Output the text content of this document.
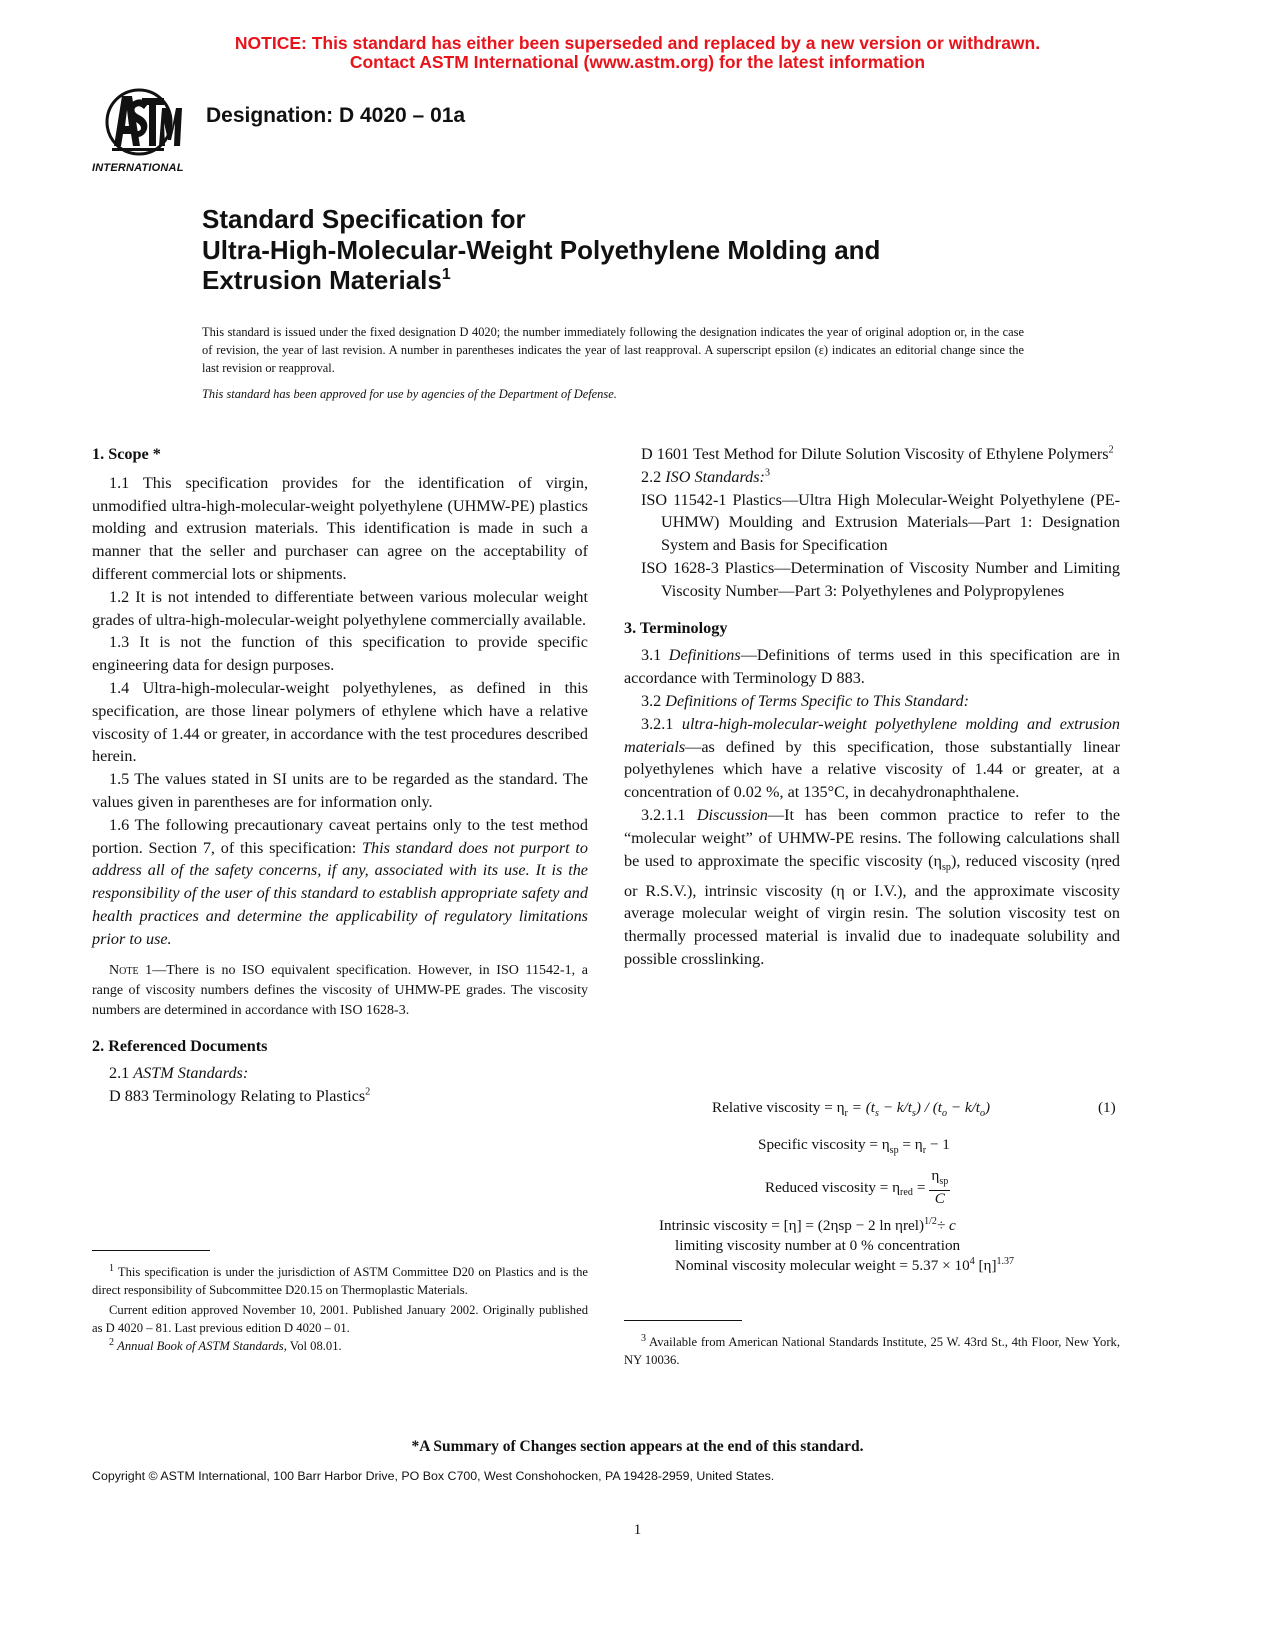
NOTICE: This standard has either been superseded and replaced by a new version or withdrawn.
Contact ASTM International (www.astm.org) for the latest information
INTERNATIONAL
Designation: D 4020 – 01a
Standard Specification for
Ultra-High-Molecular-Weight Polyethylene Molding and
Extrusion Materials$^1$
This standard is issued under the fixed designation D 4020; the number immediately following the designation indicates the year of original adoption or, in the case of revision, the year of last revision. A number in parentheses indicates the year of last reapproval. A superscript epsilon (ε) indicates an editorial change since the last revision or reapproval.
This standard has been approved for use by agencies of the Department of Defense.

1. Scope *

1.1 This specification provides for the identification of virgin, unmodified ultra-high-molecular-weight polyethylene (UHMW-PE) plastics molding and extrusion materials. This identification is made in such a manner that the seller and purchaser can agree on the acceptability of different commercial lots or shipments.

1.2 It is not intended to differentiate between various molecular weight grades of ultra-high-molecular-weight polyethylene commercially available.

1.3 It is not the function of this specification to provide specific engineering data for design purposes.

1.4 Ultra-high-molecular-weight polyethylenes, as defined in this specification, are those linear polymers of ethylene which have a relative viscosity of 1.44 or greater, in accordance with the test procedures described herein.

1.5 The values stated in SI units are to be regarded as the standard. The values given in parentheses are for information only.

1.6 The following precautionary caveat pertains only to the test method portion. Section 7, of this specification: This standard does not purport to address all of the safety concerns, if any, associated with its use. It is the responsibility of the user of this standard to establish appropriate safety and health practices and determine the applicability of regulatory limitations prior to use.

Note 1—There is no ISO equivalent specification. However, in ISO 11542-1, a range of viscosity numbers defines the viscosity of UHMW-PE grades. The viscosity numbers are determined in accordance with ISO 1628-3.

2. Referenced Documents

2.1 ASTM Standards:

D 883 Terminology Relating to Plastics$^2$

$^1$ This specification is under the jurisdiction of ASTM Committee D20 on Plastics and is the direct responsibility of Subcommittee D20.15 on Thermoplastic Materials.

Current edition approved November 10, 2001. Published January 2002. Originally published as D 4020 – 81. Last previous edition D 4020 – 01.

$^2$ Annual Book of ASTM Standards, Vol 08.01.

D 1601 Test Method for Dilute Solution Viscosity of Ethylene Polymers$^2$

2.2 ISO Standards:$^3$

ISO 11542-1 Plastics—Ultra High Molecular-Weight Polyethylene (PE-UHMW) Moulding and Extrusion Materials—Part 1: Designation System and Basis for Specification

ISO 1628-3 Plastics—Determination of Viscosity Number and Limiting Viscosity Number—Part 3: Polyethylenes and Polypropylenes

3. Terminology

3.1 Definitions—Definitions of terms used in this specification are in accordance with Terminology D 883.

3.2 Definitions of Terms Specific to This Standard:

3.2.1 ultra-high-molecular-weight polyethylene molding and extrusion materials—as defined by this specification, those substantially linear polyethylenes which have a relative viscosity of 1.44 or greater, at a concentration of 0.02 %, at 135°C, in decahydronaphthalene.

3.2.1.1 Discussion—It has been common practice to refer to the “molecular weight” of UHMW-PE resins. The following calculations shall be used to approximate the specific viscosity $(\eta_{sp})$, reduced viscosity (ηred or R.S.V.), intrinsic viscosity (η or I.V.), and the approximate viscosity average molecular weight of virgin resin. The solution viscosity test on thermally processed material is invalid due to inadequate solubility and possible crosslinking.

Relative viscosity = $\eta_r = (t_s - k/t_s) / (t_o - k/t_o)$	(1)
Specific viscosity = $\eta_{sp} = \eta_r - 1$
Reduced viscosity = $\eta_{red}$ =
$\eta_{sp}$
C
Intrinsic viscosity = [η] = (2ηsp − 2 ln ηrel)$^{1/2}$÷ c
limiting viscosity number at 0 % concentration
Nominal viscosity molecular weight = $5.37 \times 10^4$ $[\eta]^{1.37}$

$^3$ Available from American National Standards Institute, 25 W. 43rd St., 4th Floor, New York, NY 10036.

*A Summary of Changes section appears at the end of this standard.
Copyright © ASTM International, 100 Barr Harbor Drive, PO Box C700, West Conshohocken, PA 19428-2959, United States.
1
